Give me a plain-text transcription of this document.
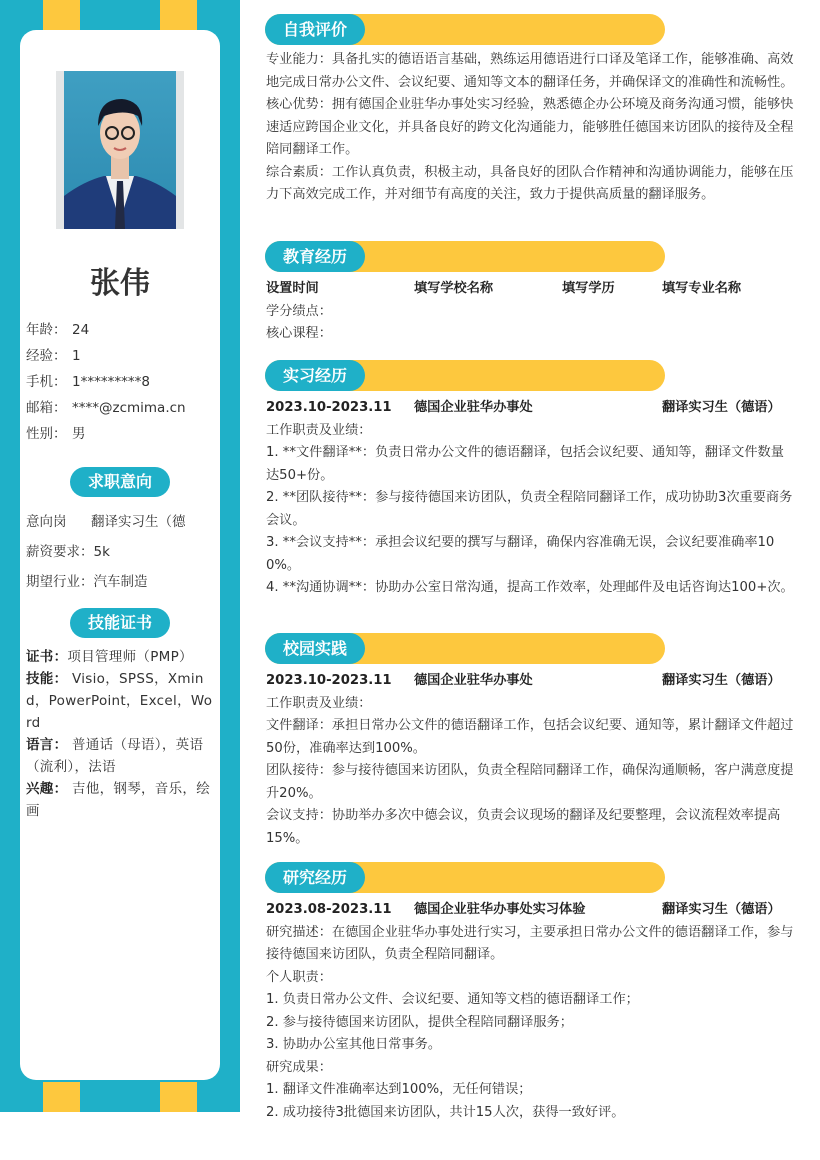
张伟
年龄： 24
经验： 1
手机： 1*********8
邮箱： ****@zcmima.cn
性别： 男
求职意向
意向岗 翻译实习生（德
薪资要求：5k
期望行业：汽车制造
技能证书
证书：项目管理师（PMP）
技能： Visio，SPSS，Xmind，PowerPoint，Excel，Word
语言： 普通话（母语），英语（流利），法语
兴趣： 吉他，钢琴，音乐，绘画
自我评价
专业能力：具备扎实的德语语言基础，熟练运用德语进行口译及笔译工作，能够准确、高效地完成日常办公文件、会议纪要、通知等文本的翻译任务，并确保译文的准确性和流畅性。
核心优势：拥有德国企业驻华办事处实习经验，熟悉德企办公环境及商务沟通习惯，能够快速适应跨国企业文化，并具备良好的跨文化沟通能力，能够胜任德国来访团队的接待及全程陪同翻译工作。
综合素质：工作认真负责，积极主动，具备良好的团队合作精神和沟通协调能力，能够在压力下高效完成工作，并对细节有高度的关注，致力于提供高质量的翻译服务。
教育经历
设置时间	填写学校名称	填写学历	填写专业名称
学分绩点：
核心课程：
实习经历
2023.10-2023.11	德国企业驻华办事处	翻译实习生（德语）
工作职责及业绩：
1. **文件翻译**：负责日常办公文件的德语翻译，包括会议纪要、通知等，翻译文件数量达50+份。
2. **团队接待**：参与接待德国来访团队，负责全程陪同翻译工作，成功协助3次重要商务会议。
3. **会议支持**：承担会议纪要的撰写与翻译，确保内容准确无误，会议纪要准确率100%。
4. **沟通协调**：协助办公室日常沟通，提高工作效率，处理邮件及电话咨询达100+次。
校园实践
2023.10-2023.11	德国企业驻华办事处	翻译实习生（德语）
工作职责及业绩：
文件翻译：承担日常办公文件的德语翻译工作，包括会议纪要、通知等，累计翻译文件超过50份，准确率达到100%。
团队接待：参与接待德国来访团队，负责全程陪同翻译工作，确保沟通顺畅，客户满意度提升20%。
会议支持：协助举办多次中德会议，负责会议现场的翻译及纪要整理，会议流程效率提高15%。
研究经历
2023.08-2023.11	德国企业驻华办事处实习体验	翻译实习生（德语）
研究描述：在德国企业驻华办事处进行实习，主要承担日常办公文件的德语翻译工作，参与接待德国来访团队，负责全程陪同翻译。
个人职责：
1. 负责日常办公文件、会议纪要、通知等文档的德语翻译工作；
2. 参与接待德国来访团队，提供全程陪同翻译服务；
3. 协助办公室其他日常事务。
研究成果：
1. 翻译文件准确率达到100%，无任何错误；
2. 成功接待3批德国来访团队，共计15人次，获得一致好评。
